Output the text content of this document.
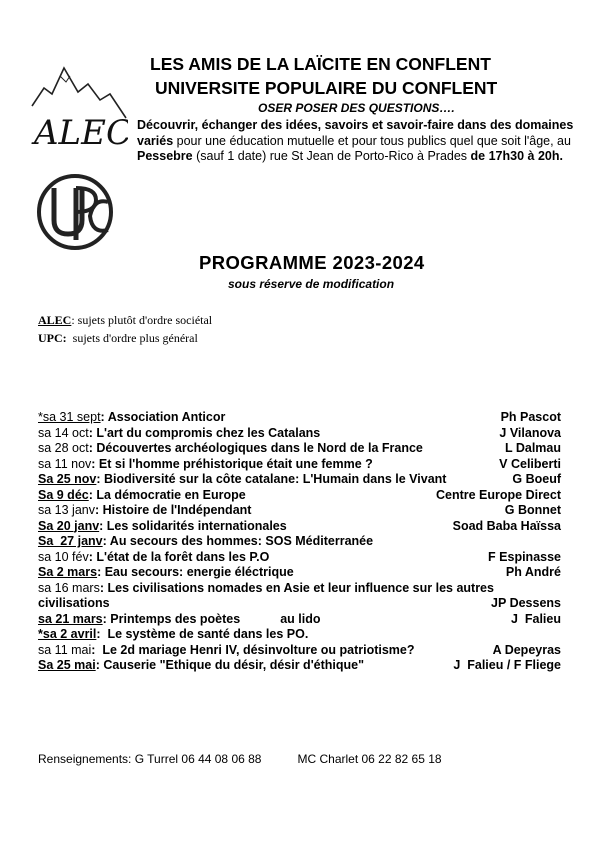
ALEC
LES AMIS DE LA LAÏCITE EN CONFLENT
UNIVERSITE POPULAIRE DU CONFLENT
OSER POSER DES QUESTIONS….
Découvrir, échanger des idées, savoirs et savoir-faire dans des domaines variés pour une éducation mutuelle et pour tous publics quel que soit l'âge, au Pessebre (sauf 1 date) rue St Jean de Porto-Rico à Prades de 17h30 à 20h.
PROGRAMME 2023-2024
sous réserve de modification
ALEC: sujets plutôt d'ordre sociétal
UPC:  sujets d'ordre plus général
*sa 31 sept : Association Anticor	Ph Pascot
sa 14 oct : L'art du compromis chez les Catalans	J Vilanova
sa 28 oct : Découvertes archéologiques dans le Nord de la France	L Dalmau
sa 11 nov : Et si l'homme préhistorique était une femme ?	V Celiberti
Sa 25 nov : Biodiversité sur la côte catalane: L'Humain dans le Vivant	G Boeuf
Sa 9 déc : La démocratie en Europe	Centre Europe Direct
sa 13 janv : Histoire de l'Indépendant	G Bonnet
Sa 20 janv : Les solidarités internationales	Soad Baba Haïssa
Sa  27 janv : Au secours des hommes: SOS Méditerranée
sa 10 fév : L'état de la forêt dans les P.O	F Espinasse
Sa 2 mars : Eau secours: energie éléctrique	Ph André
sa 16 mars : Les civilisations nomades en Asie et leur influence sur les autres
civilisations	JP Dessens
sa 21 mars : Printemps des poètes	au lido	J  Falieu
*sa 2 avril :  Le système de santé dans les PO.
sa 11 mai :  Le 2d mariage Henri IV, désinvolture ou patriotisme?	A Depeyras
Sa 25 mai : Causerie "Ethique du désir, désir d'éthique"	J  Falieu / F Fliege
Renseignements: G Turrel 06 44 08 06 88	MC Charlet 06 22 82 65 18
